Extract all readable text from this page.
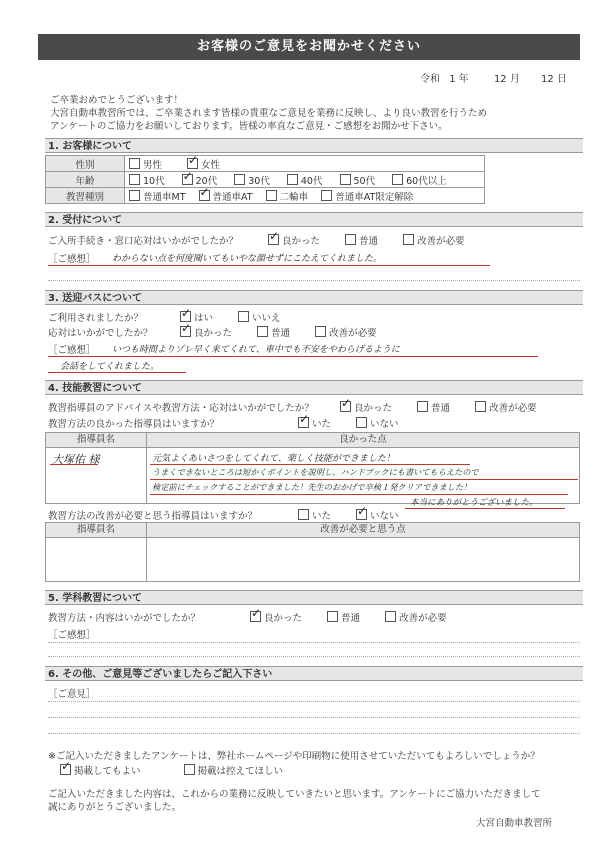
お客様のご意見をお聞かせください
令和 1 年	12 月 12 日
ご卒業おめでとうございます！
大宮自動車教習所では、ご卒業されます皆様の貴重なご意見を業務に反映し、より良い教習を行うため
アンケートのご協力をお願いしております。皆様の率直なご意見・ご感想をお聞かせ下さい。
1. お客様について
性別	男性 ✓ 女性
年齢	10代 ✓ 20代 30代 40代 50代 60代以上
教習種別	普通車MT ✓ 普通車AT 二輪車 普通車AT限定解除
2. 受付について
ご入所手続き・窓口応対はいかがでしたか？ ✓	良かった	普通	改善が必要
［ご感想］ わからない点を何度聞いてもいやな顔せずにこたえてくれました。
3. 送迎バスについて
ご利用されましたか？ ✓	はい	いいえ
応対はいかがでしたか？ ✓	良かった	普通	改善が必要
［ご感想］ いつも時間よりゾレ早く来てくれて、車中でも不安をやわらげるように
会話をしてくれました。
4. 技能教習について
教習指導員のアドバイスや教習方法・応対はいかがでしたか？ ✓	良かった	普通	改善が必要
教習方法の良かった指導員はいますか？ ✓	いた	いない
指導員名	良かった点
大塚佑 様	元気よくあいさつをしてくれて、楽しく技能ができました！
うまくできないところは短かくポイントを説明し、ハンドブックにも書いてもらえたので
検定前にチェックすることができました！先生のおかげで卒検１発クリアできました！
本当にありがとうございました。
教習方法の改善が必要と思う指導員はいますか？	いた ✓	いない
指導員名	改善が必要と思う点
5. 学科教習について
教習方法・内容はいかがでしたか？ ✓	良かった	普通	改善が必要
［ご感想］
6. その他、ご意見等ございましたらご記入下さい
［ご意見］
※ご記入いただきましたアンケートは、弊社ホームページや印刷物に使用させていただいてもよろしいでしょうか？
✓掲載してもよい	掲載は控えてほしい
ご記入いただきました内容は、これからの業務に反映していきたいと思います。アンケートにご協力いただきまして
誠にありがとうございました。
大宮自動車教習所
